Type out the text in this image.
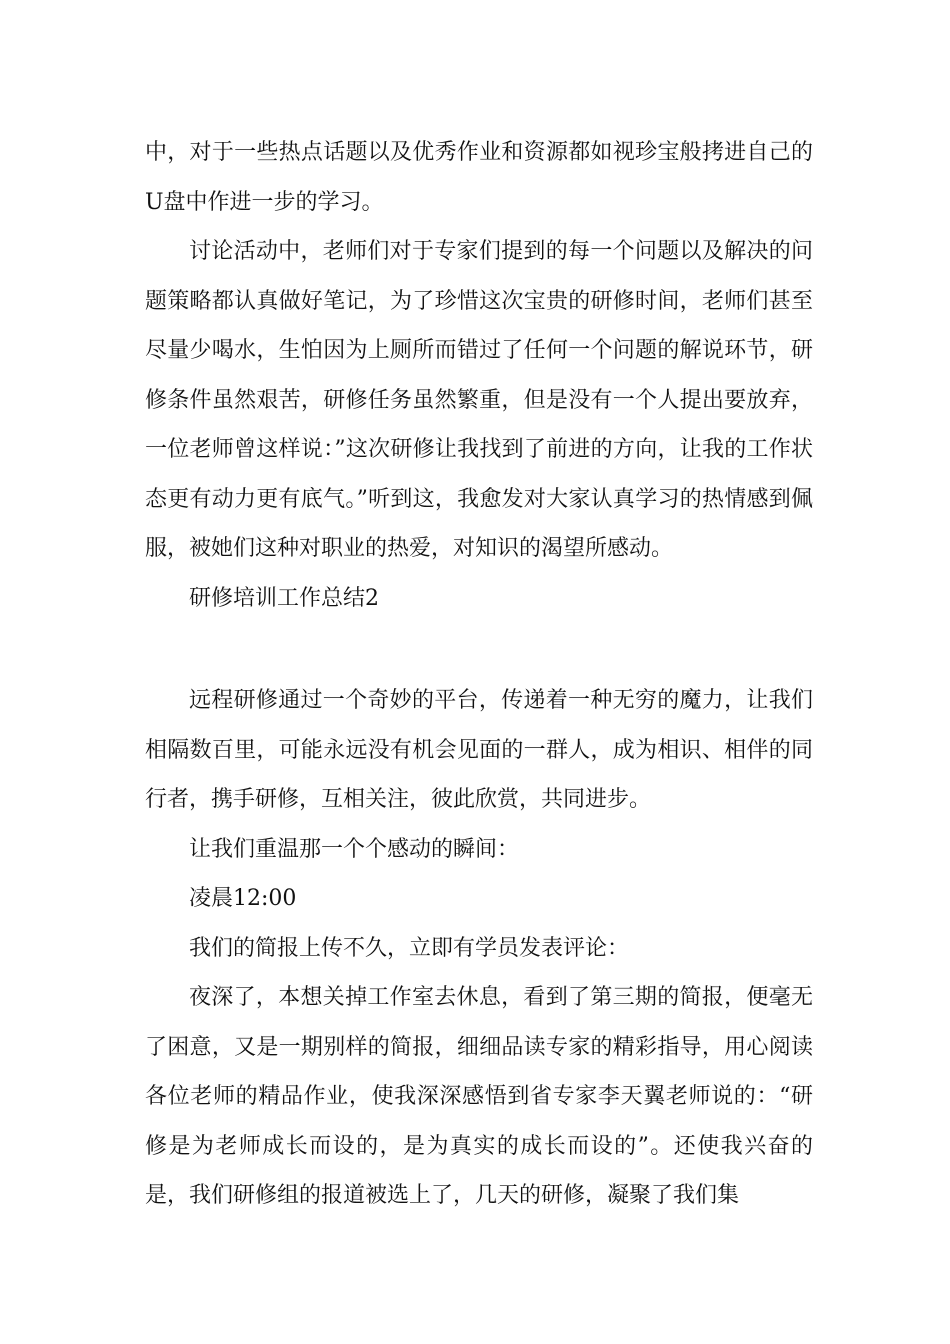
中，对于一些热点话题以及优秀作业和资源都如视珍宝般拷进自己的U盘中作进一步的学习。

讨论活动中，老师们对于专家们提到的每一个问题以及解决的问题策略都认真做好笔记，为了珍惜这次宝贵的研修时间，老师们甚至尽量少喝水，生怕因为上厕所而错过了任何一个问题的解说环节，研修条件虽然艰苦，研修任务虽然繁重，但是没有一个人提出要放弃，一位老师曾这样说：”这次研修让我找到了前进的方向，让我的工作状态更有动力更有底气。”听到这，我愈发对大家认真学习的热情感到佩服，被她们这种对职业的热爱，对知识的渴望所感动。

研修培训工作总结2

远程研修通过一个奇妙的平台，传递着一种无穷的魔力，让我们相隔数百里，可能永远没有机会见面的一群人，成为相识、相伴的同行者，携手研修，互相关注，彼此欣赏，共同进步。

让我们重温那一个个感动的瞬间：

凌晨12:00

我们的简报上传不久，立即有学员发表评论：

夜深了，本想关掉工作室去休息，看到了第三期的简报，便毫无了困意，又是一期别样的简报，细细品读专家的精彩指导，用心阅读各位老师的精品作业，使我深深感悟到省专家李天翼老师说的：“研修是为老师成长而设的，是为真实的成长而设的”。还使我兴奋的是，我们研修组的报道被选上了，几天的研修，凝聚了我们集
